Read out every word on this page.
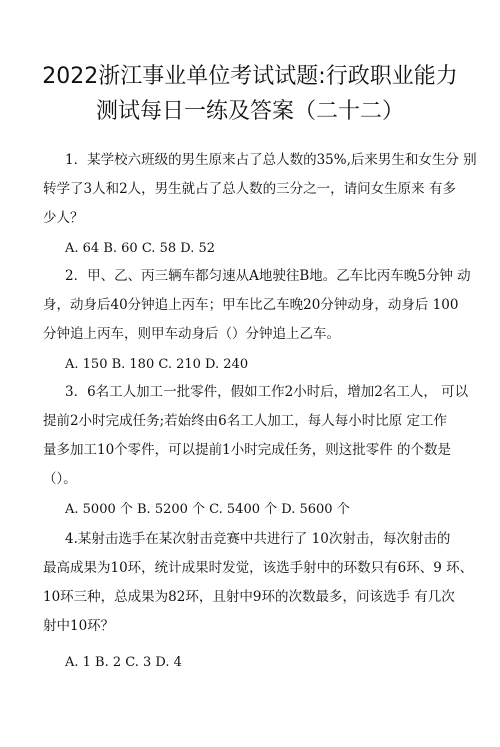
2022浙江事业单位考试试题:行政职业能力
测试每日一练及答案（二十二）
1．某学校六班级的男生原来占了总人数的35%,后来男生和女生分 别
转学了3人和2人，男生就占了总人数的三分之一，请问女生原来 有多
少人？
A. 64 B. 60 C. 58 D. 52
2．甲、乙、丙三辆车都匀速从A地驶往B地。乙车比丙车晚5分钟 动
身，动身后40分钟追上丙车；甲车比乙车晚20分钟动身，动身后 100
分钟追上丙车，则甲车动身后（）分钟追上乙车。
A. 150 B. 180 C. 210 D. 240
3．6名工人加工一批零件，假如工作2小时后，增加2名工人， 可以
提前2小时完成任务;若始终由6名工人加工，每人每小时比原 定工作
量多加工10个零件，可以提前1小时完成任务，则这批零件 的个数是
（）。
A. 5000 个 B. 5200 个 C. 5400 个 D. 5600 个
4.某射击选手在某次射击竞赛中共进行了 10次射击，每次射击的
最高成果为10环，统计成果时发觉，该选手射中的环数只有6环、9 环、
10环三种，总成果为82环，且射中9环的次数最多，问该选手 有几次
射中10环？
A. 1 B. 2 C. 3 D. 4
